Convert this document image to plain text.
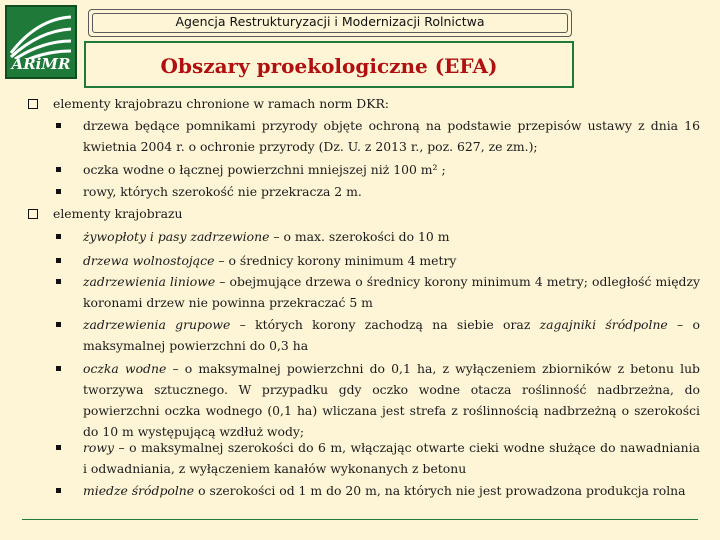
ARiMR
Agencja Restrukturyzacji i Modernizacji Rolnictwa
Obszary proekologiczne (EFA)
elementy krajobrazu chronione w ramach norm DKR:
drzewa będące pomnikami przyrody objęte ochroną na podstawie przepisów ustawy z dnia 16 kwietnia 2004 r. o ochronie przyrody (Dz. U. z 2013 r., poz. 627, ze zm.);
oczka wodne o łącznej powierzchni mniejszej niż 100 m² ;
rowy, których szerokość nie przekracza 2 m.
elementy krajobrazu
żywopłoty i pasy zadrzewione – o max. szerokości do 10 m
drzewa wolnostojące – o średnicy korony minimum 4 metry
zadrzewienia liniowe – obejmujące drzewa o średnicy korony minimum 4 metry; odległość między koronami drzew nie powinna przekraczać 5 m
zadrzewienia grupowe – których korony zachodzą na siebie oraz zagajniki śródpolne – o maksymalnej powierzchni do 0,3 ha
oczka wodne – o maksymalnej powierzchni do 0,1 ha, z wyłączeniem zbiorników z betonu lub tworzywa sztucznego. W przypadku gdy oczko wodne otacza roślinność nadbrzeżna, do powierzchni oczka wodnego (0,1 ha) wliczana jest strefa z roślinnością nadbrzeżną o szerokości do 10 m występującą wzdłuż wody;
rowy – o maksymalnej szerokości do 6 m, włączając otwarte cieki wodne służące do nawadniania i odwadniania, z wyłączeniem kanałów wykonanych z betonu
miedze śródpolne o szerokości od 1 m do 20 m, na których nie jest prowadzona produkcja rolna
